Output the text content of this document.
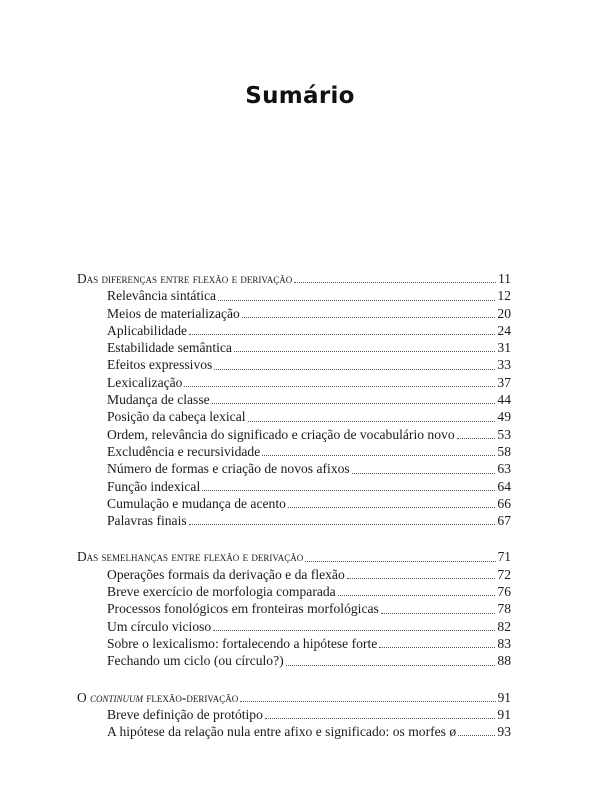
Sumário
Das diferenças entre flexão e derivação	11
Relevância sintática	12
Meios de materialização	20
Aplicabilidade	24
Estabilidade semântica	31
Efeitos expressivos	33
Lexicalização	37
Mudança de classe	44
Posição da cabeça lexical	49
Ordem, relevância do significado e criação de vocabulário novo	53
Excludência e recursividade	58
Número de formas e criação de novos afixos	63
Função indexical	64
Cumulação e mudança de acento	66
Palavras finais	67
Das semelhanças entre flexão e derivação	71
Operações formais da derivação e da flexão	72
Breve exercício de morfologia comparada	76
Processos fonológicos em fronteiras morfológicas	78
Um círculo vicioso	82
Sobre o lexicalismo: fortalecendo a hipótese forte	83
Fechando um ciclo (ou círculo?)	88
O continuum flexão-derivação	91
Breve definição de protótipo	91
A hipótese da relação nula entre afixo e significado: os morfes ø	93
